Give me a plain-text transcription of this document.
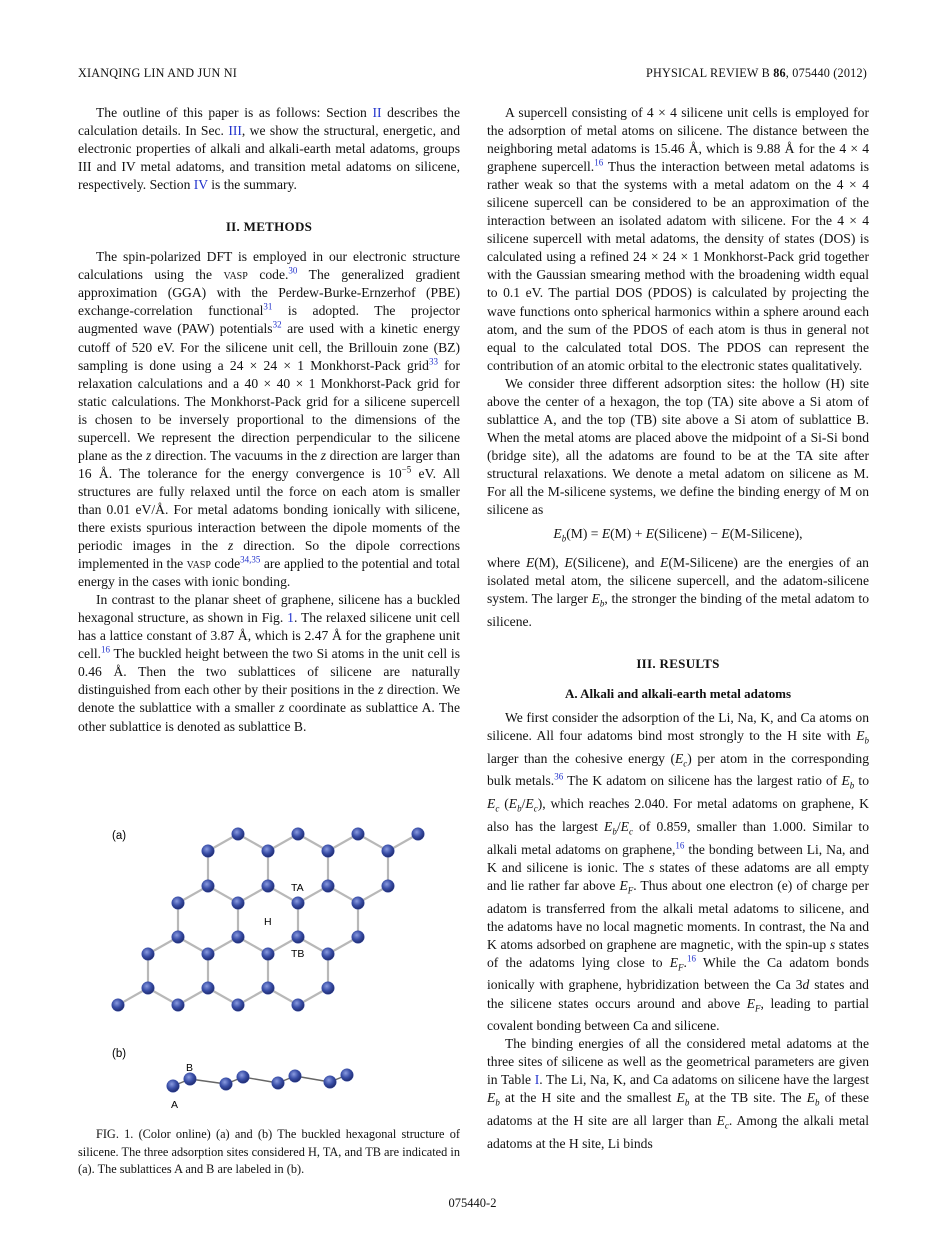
XIANQING LIN AND JUN NI	PHYSICAL REVIEW B 86, 075440 (2012)

The outline of this paper is as follows: Section II describes the calculation details. In Sec. III, we show the structural, energetic, and electronic properties of alkali and alkali-earth metal adatoms, groups III and IV metal adatoms, and transition metal adatoms on silicene, respectively. Section IV is the summary.

II. METHODS

The spin-polarized DFT is employed in our electronic structure calculations using the vasp code.$^{30}$ The generalized gradient approximation (GGA) with the Perdew-Burke-Ernzerhof (PBE) exchange-correlation functional$^{31}$ is adopted. The projector augmented wave (PAW) potentials$^{32}$ are used with a kinetic energy cutoff of 520 eV. For the silicene unit cell, the Brillouin zone (BZ) sampling is done using a 24 × 24 × 1 Monkhorst-Pack grid$^{33}$ for relaxation calculations and a 40 × 40 × 1 Monkhorst-Pack grid for static calculations. The Monkhorst-Pack grid for a silicene supercell is chosen to be inversely proportional to the dimensions of the supercell. We represent the direction perpendicular to the silicene plane as the z direction. The vacuums in the z direction are larger than 16 Å. The tolerance for the energy convergence is $10^{-5}$ eV. All structures are fully relaxed until the force on each atom is smaller than 0.01 eV/Å. For metal adatoms bonding ionically with silicene, there exists spurious interaction between the dipole moments of the periodic images in the z direction. So the dipole corrections implemented in the vasp code$^{34,35}$ are applied to the potential and total energy in the cases with ionic bonding.

In contrast to the planar sheet of graphene, silicene has a buckled hexagonal structure, as shown in Fig. 1. The relaxed silicene unit cell has a lattice constant of 3.87 Å, which is 2.47 Å for the graphene unit cell.$^{16}$ The buckled height between the two Si atoms in the unit cell is 0.46 Å. Then the two sublattices of silicene are naturally distinguished from each other by their positions in the z direction. We denote the sublattice with a smaller z coordinate as sublattice A. The other sublattice is denoted as sublattice B.

(a)
(b)
TA
H
TB
B
A
FIG. 1. (Color online) (a) and (b) The buckled hexagonal structure of silicene. The three adsorption sites considered H, TA, and TB are indicated in (a). The sublattices A and B are labeled in (b).

A supercell consisting of 4 × 4 silicene unit cells is employed for the adsorption of metal atoms on silicene. The distance between the neighboring metal adatoms is 15.46 Å, which is 9.88 Å for the 4 × 4 graphene supercell.$^{16}$ Thus the interaction between metal adatoms is rather weak so that the systems with a metal adatom on the 4 × 4 silicene supercell can be considered to be an approximation of the interaction between an isolated adatom with silicene. For the 4 × 4 silicene supercell with metal adatoms, the density of states (DOS) is calculated using a refined 24 × 24 × 1 Monkhorst-Pack grid together with the Gaussian smearing method with the broadening width equal to 0.1 eV. The partial DOS (PDOS) is calculated by projecting the wave functions onto spherical harmonics within a sphere around each atom, and the sum of the PDOS of each atom is thus in general not equal to the calculated total DOS. The PDOS can represent the contribution of an atomic orbital to the electronic states qualitatively.

We consider three different adsorption sites: the hollow (H) site above the center of a hexagon, the top (TA) site above a Si atom of sublattice A, and the top (TB) site above a Si atom of sublattice B. When the metal atoms are placed above the midpoint of a Si-Si bond (bridge site), all the adatoms are found to be at the TA site after structural relaxations. We denote a metal adatom on silicene as M. For all the M-silicene systems, we define the binding energy of M on silicene as

$E_b(M) = E(M)$ + E(Silicene) − E(M-Silicene),

where E(M), E(Silicene), and E(M-Silicene) are the energies of an isolated metal atom, the silicene supercell, and the adatom-silicene system. The larger $E_b$, the stronger the binding of the metal adatom to silicene.

III. RESULTS
A. Alkali and alkali-earth metal adatoms

We first consider the adsorption of the Li, Na, K, and Ca atoms on silicene. All four adatoms bind most strongly to the H site with $E_b$ larger than the cohesive energy $(E_c)$ per atom in the corresponding bulk metals.$^{36}$ The K adatom on silicene has the largest ratio of $E_b$ to $E_c$ $(E_b/E_c)$, which reaches 2.040. For metal adatoms on graphene, K also has the largest $E_b/E_c$ of 0.859, smaller than 1.000. Similar to alkali metal adatoms on graphene,$^{16}$ the bonding between Li, Na, and K and silicene is ionic. The s states of these adatoms are all empty and lie rather far above $E_F$. Thus about one electron (e) of charge per adatom is transferred from the alkali metal adatoms to silicene, and the adatoms have no local magnetic moments. In contrast, the Na and K atoms adsorbed on graphene are magnetic, with the spin-up s states of the adatoms lying close to $E_F.^{16}$ While the Ca adatom bonds ionically with graphene, hybridization between the Ca 3d states and the silicene states occurs around and above $E_F$, leading to partial covalent bonding between Ca and silicene.

The binding energies of all the considered metal adatoms at the three sites of silicene as well as the geometrical parameters are given in Table I. The Li, Na, K, and Ca adatoms on silicene have the largest $E_b$ at the H site and the smallest $E_b$ at the TB site. The $E_b$ of these adatoms at the H site are all larger than $E_c$. Among the alkali metal adatoms at the H site, Li binds

075440-2
